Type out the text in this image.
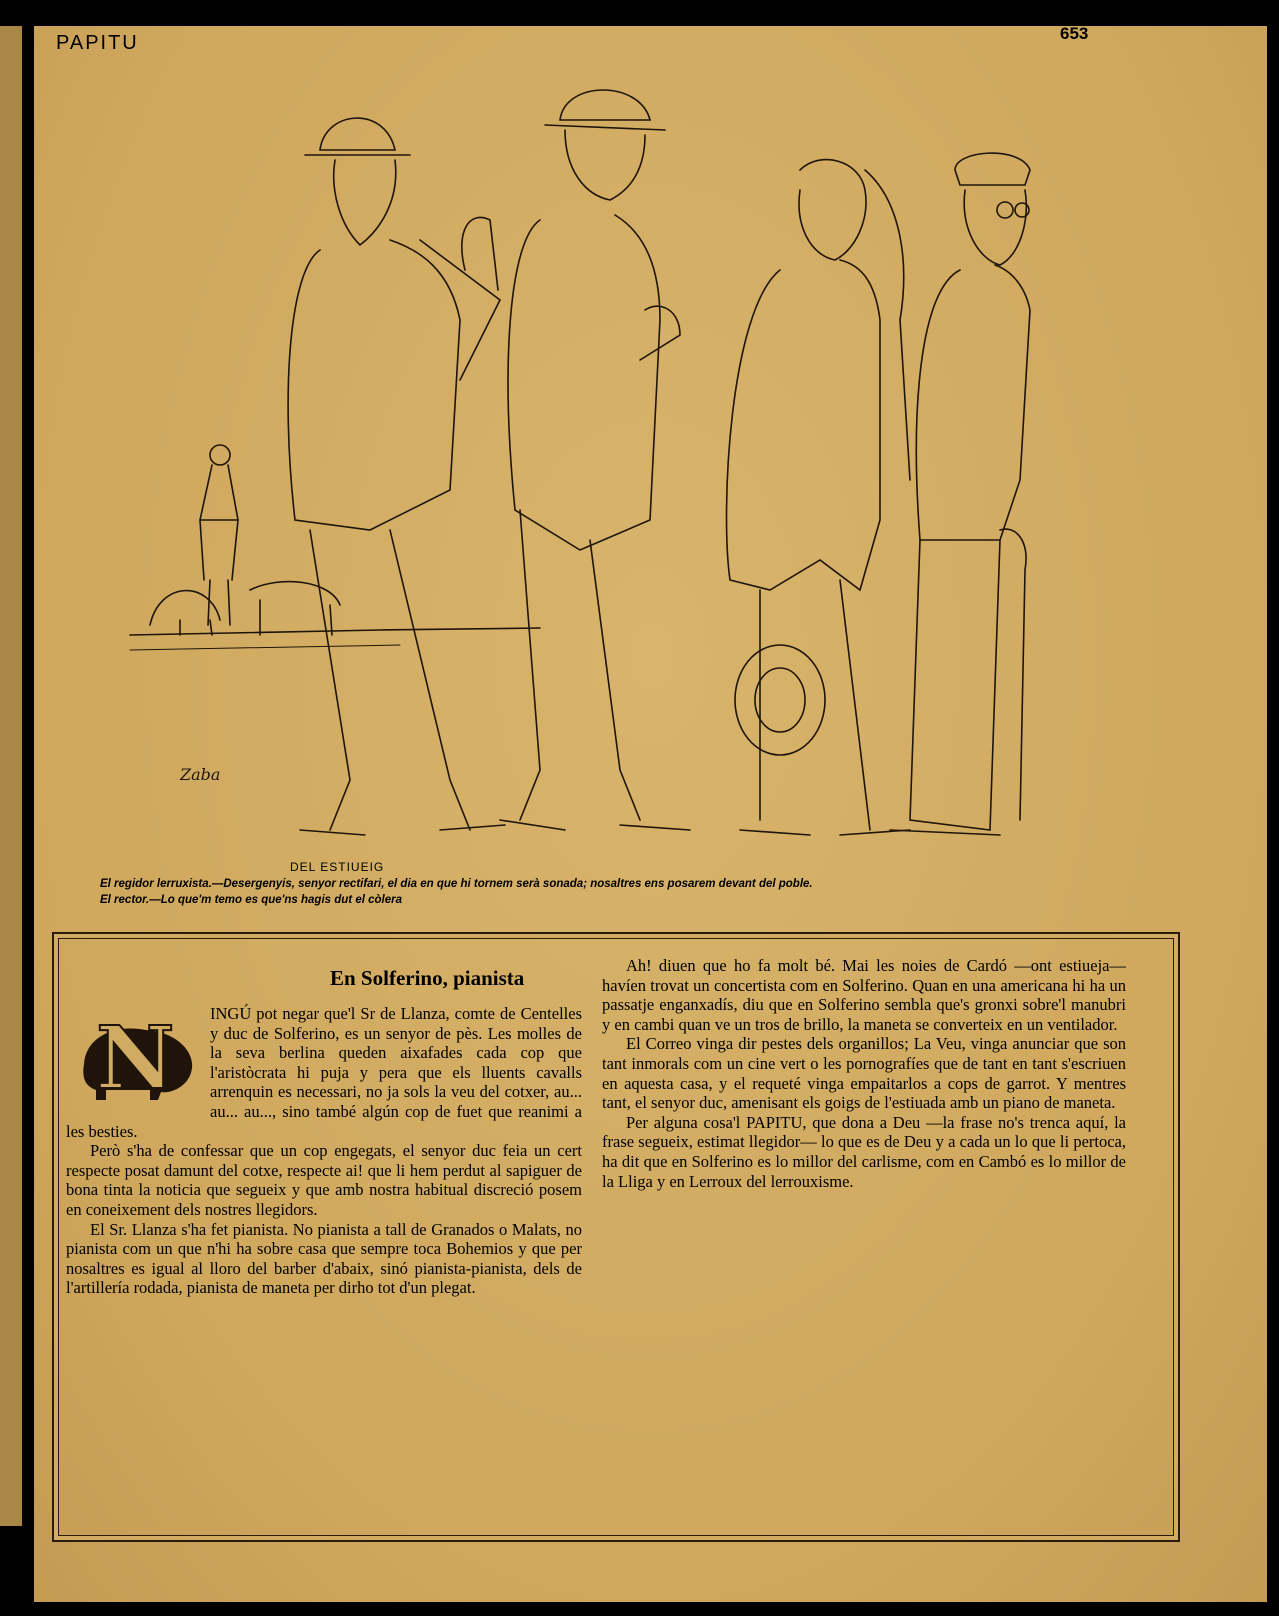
PAPITU	653
Zaba
DEL ESTIUEIG
El regidor lerruxista.—Desergenyis, senyor rectifari, el dia en que hi tornem serà sonada; nosaltres ens posarem devant del poble.
El rector.—Lo que'm temo es que'ns hagis dut el còlera
En Solferino, pianista
N	INGÚ pot negar que'l Sr de Llanza, comte de Centelles y duc de Solferino, es un senyor de pès. Les molles de la seva berlina queden aixafades cada cop que l'aristòcrata hi puja y pera que els lluents cavalls arrenquin es necessari, no ja sols la veu del cotxer, au... au... au..., sino també algún cop de fuet que reanimi a les besties.

Però s'ha de confessar que un cop engegats, el senyor duc feia un cert respecte posat damunt del cotxe, respecte ai! que li hem perdut al sapiguer de bona tinta la noticia que segueix y que amb nostra habitual discreció posem en coneixement dels nostres llegidors.

El Sr. Llanza s'ha fet pianista. No pianista a tall de Granados o Malats, no pianista com un que n'hi ha sobre casa que sempre toca Bohemios y que per nosaltres es igual al lloro del barber d'abaix, sinó pianista-pianista, dels de l'artillería rodada, pianista de maneta per dirho tot d'un plegat.

Ah! diuen que ho fa molt bé. Mai les noies de Cardó —ont estiueja— havíen trovat un concertista com en Solferino. Quan en una americana hi ha un passatje enganxadís, diu que en Solferino sembla que's gronxi sobre'l manubri y en cambi quan ve un tros de brillo, la maneta se converteix en un ventilador.

El Correo vinga dir pestes dels organillos; La Veu, vinga anunciar que son tant inmorals com un cine vert o les pornografíes que de tant en tant s'escriuen en aquesta casa, y el requeté vinga empaitarlos a cops de garrot. Y mentres tant, el senyor duc, amenisant els goigs de l'estiuada amb un piano de maneta.

Per alguna cosa'l PAPITU, que dona a Deu —la frase no's trenca aquí, la frase segueix, estimat llegidor— lo que es de Deu y a cada un lo que li pertoca, ha dit que en Solferino es lo millor del carlisme, com en Cambó es lo millor de la Lliga y en Lerroux del lerrouxisme.
